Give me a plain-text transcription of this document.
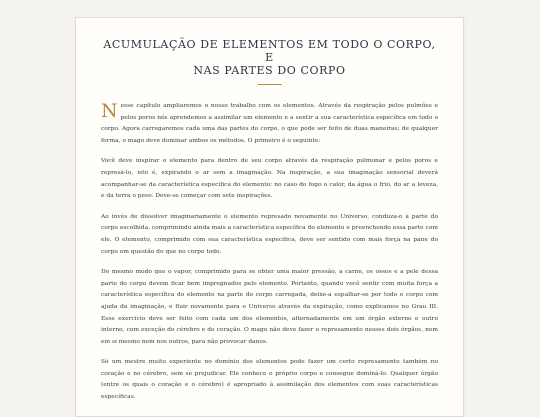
ACUMULAÇÃO DE ELEMENTOS EM TODO O CORPO, E
NAS PARTES DO CORPO

Nesse capítulo ampliaremos o nosso trabalho com os elementos. Através da respiração pelos pulmões e pelos poros nós aprendemos a assimilar um elemento e a sentir a sua característica específica em todo o corpo. Agora carregaremos cada uma das partes do corpo, o que pode ser feito de duas maneiras; de qualquer forma, o mago deve dominar ambos os métodos. O primeiro é o seguinte:

Você deve inspirar o elemento para dentro de seu corpo através da respiração pulmonar e pelos poros e represá-lo, isto é, expirando o ar sem a imaginação. Na inspiração, a sua imaginação sensorial deverá acompanhar-se da característica específica do elemento: no caso do fogo o calor, da água o frio, do ar a leveza, e da terra o peso. Deve-se começar com sete inspirações.

Ao invés de dissolver imaginariamente o elemento represado novamente no Universo, conduza-o à parte do corpo escolhida, comprimindo ainda mais a característica específica do elemento e preenchendo essa parte com ele. O elemento, comprimido com sua característica específica, deve ser sentido com mais força na pane do corpo em questão do que no corpo todo.

Do mesmo modo que o vapor, comprimido para se obter uma maior pressão, a carne, os ossos e a pele dessa parte do corpo devem ficar bem impregnados pelo elemento. Portanto, quando você sentir com muita força a característica específica do elemento na parte do corpo carregada, deixe-a espalhar-se por todo o corpo com ajuda da imaginação, e fluir novamente para o Universo através da expiração, como explicamos no Grau III. Esse exercício deve ser feito com cada um dos elementos, alternadamente em um órgão externo e outro interno, com exceção do cérebro e do coração. O mago não deve fazer o represamento nesses dois órgãos, nem em si mesmo nem nos outros, para não provocar danos.

Só um mestre muito experiente no domínio dos elementos pode fazer um certo represamento também no coração e no cérebro, sem se prejudicar. Ele conhece o próprio corpo e consegue dominá-lo. Qualquer órgão (entre os quais o coração e o cérebro) é apropriado à assimilação dos elementos com suas características específicas.
